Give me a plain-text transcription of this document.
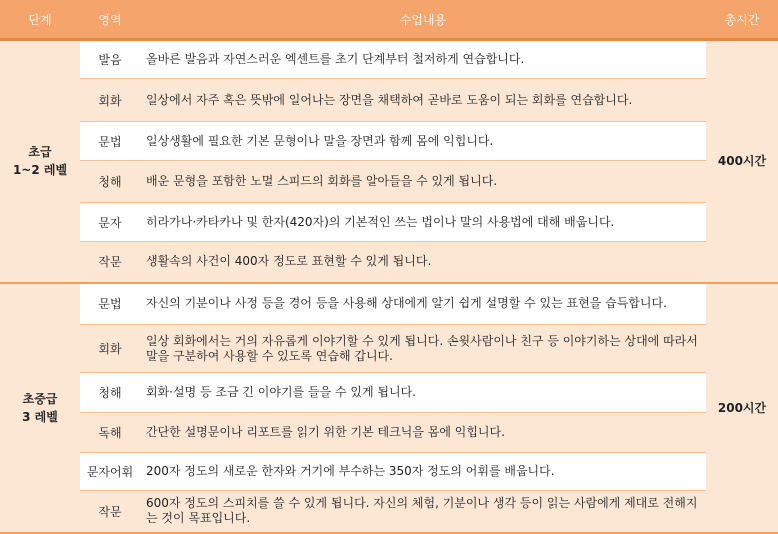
단계	영역	수업내용	총시간
초급
1~2 레벨	발음	올바른 발음과 자연스러운 엑센트를 초기 단계부터 철저하게 연습합니다.	400시간
	회화	일상에서 자주 혹은 뜻밖에 일어나는 장면을 채택하여 곧바로 도움이 되는 회화를 연습합니다.	
	문법	일상생활에 필요한 기본 문형이나 말을 장면과 함께 몸에 익힙니다.	
	청해	배운 문형을 포함한 노멀 스피드의 회화를 알아들을 수 있게 됩니다.	
	문자	히라가나·카타카나 및 한자(420자)의 기본적인 쓰는 법이나 말의 사용법에 대해 배웁니다.	
	작문	생활속의 사건이 400자 정도로 표현할 수 있게 됩니다.	
초중급
3 레벨	문법	자신의 기분이나 사정 등을 경어 등을 사용해 상대에게 알기 쉽게 설명할 수 있는 표현을 습득합니다.	200시간
	회화	일상 회화에서는 거의 자유롭게 이야기할 수 있게 됩니다. 손윗사람이나 친구 등 이야기하는 상대에 따라서 말을 구분하여 사용할 수 있도록 연습해 갑니다.	
	청해	회화·설명 등 조금 긴 이야기를 들을 수 있게 됩니다.	
	독해	간단한 설명문이나 리포트를 읽기 위한 기본 테크닉을 몸에 익힙니다.	
	문자어휘	200자 정도의 새로운 한자와 거기에 부수하는 350자 정도의 어휘를 배웁니다.	
	작문	600자 정도의 스피치를 쓸 수 있게 됩니다. 자신의 체험, 기분이나 생각 등이 읽는 사람에게 제대로 전해지는 것이 목표입니다.	
